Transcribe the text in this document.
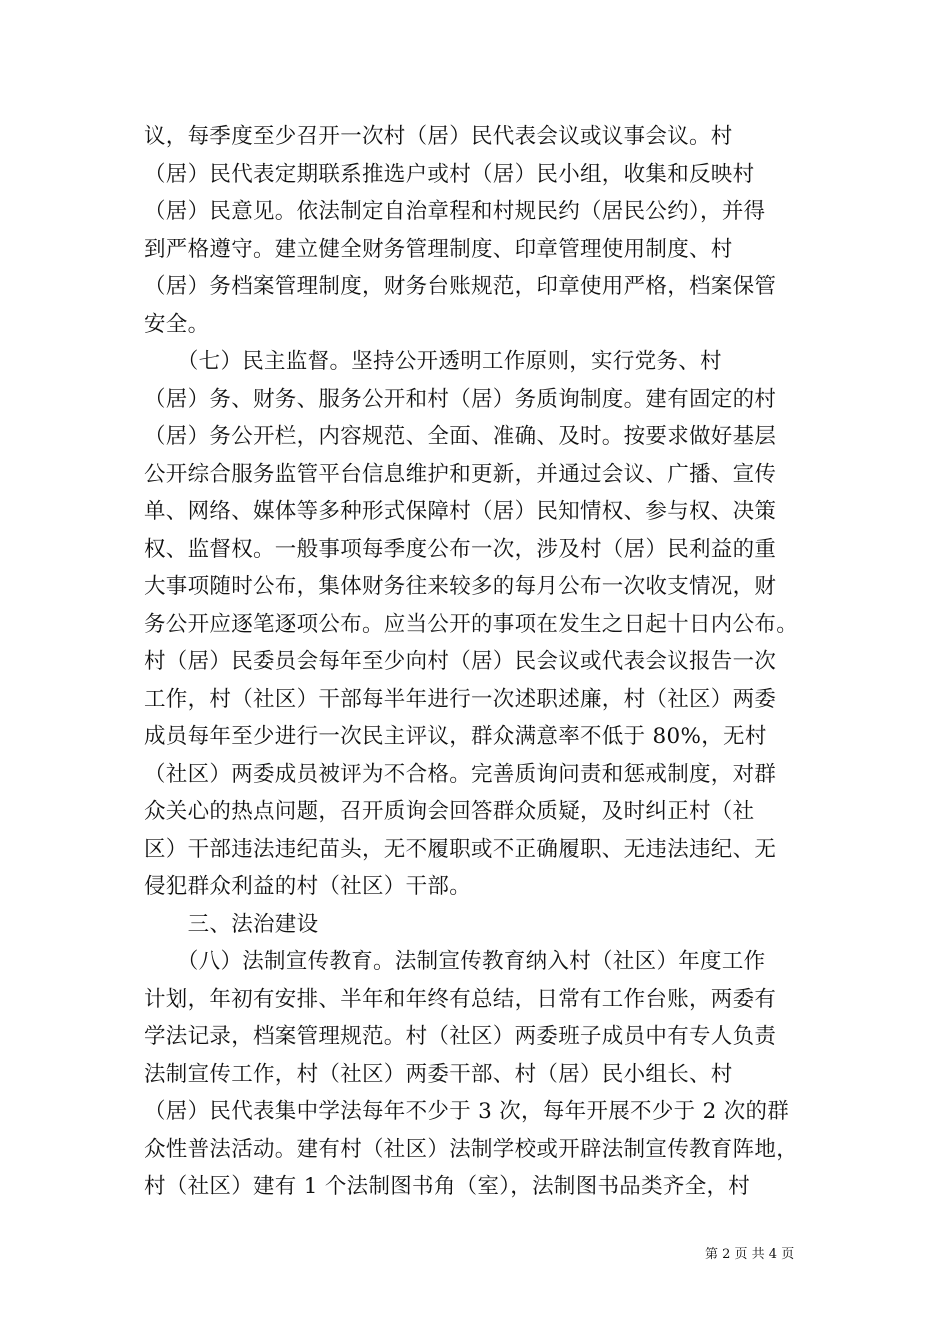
议，每季度至少召开一次村（居）民代表会议或议事会议。村
（居）民代表定期联系推选户或村（居）民小组，收集和反映村
（居）民意见。依法制定自治章程和村规民约（居民公约），并得
到严格遵守。建立健全财务管理制度、印章管理使用制度、村
（居）务档案管理制度，财务台账规范，印章使用严格，档案保管
安全。
　　（七）民主监督。坚持公开透明工作原则，实行党务、村
（居）务、财务、服务公开和村（居）务质询制度。建有固定的村
（居）务公开栏，内容规范、全面、准确、及时。按要求做好基层
公开综合服务监管平台信息维护和更新，并通过会议、广播、宣传
单、网络、媒体等多种形式保障村（居）民知情权、参与权、决策
权、监督权。一般事项每季度公布一次，涉及村（居）民利益的重
大事项随时公布，集体财务往来较多的每月公布一次收支情况，财
务公开应逐笔逐项公布。应当公开的事项在发生之日起十日内公布。
村（居）民委员会每年至少向村（居）民会议或代表会议报告一次
工作，村（社区）干部每半年进行一次述职述廉，村（社区）两委
成员每年至少进行一次民主评议，群众满意率不低于 80%，无村
（社区）两委成员被评为不合格。完善质询问责和惩戒制度，对群
众关心的热点问题，召开质询会回答群众质疑，及时纠正村（社
区）干部违法违纪苗头，无不履职或不正确履职、无违法违纪、无
侵犯群众利益的村（社区）干部。
　　三、法治建设
　　（八）法制宣传教育。法制宣传教育纳入村（社区）年度工作
计划，年初有安排、半年和年终有总结，日常有工作台账，两委有
学法记录，档案管理规范。村（社区）两委班子成员中有专人负责
法制宣传工作，村（社区）两委干部、村（居）民小组长、村
（居）民代表集中学法每年不少于 3 次，每年开展不少于 2 次的群
众性普法活动。建有村（社区）法制学校或开辟法制宣传教育阵地，
村（社区）建有 1 个法制图书角（室），法制图书品类齐全，村
第 2 页 共 4 页
